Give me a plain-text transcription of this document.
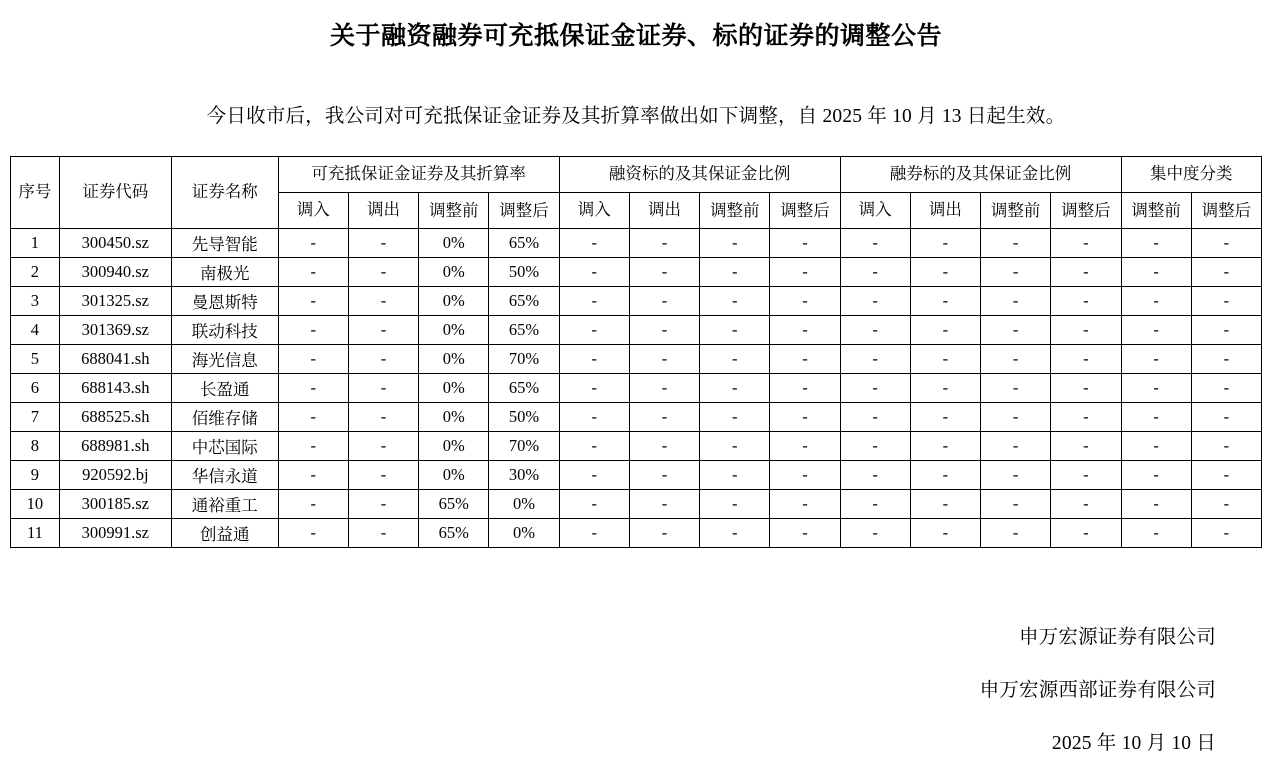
关于融资融券可充抵保证金证券、标的证券的调整公告
今日收市后，我公司对可充抵保证金证券及其折算率做出如下调整，自 2025 年 10 月 13 日起生效。
序号	证券代码	证券名称	可充抵保证金证券及其折算率				融资标的及其保证金比例				融券标的及其保证金比例				集中度分类	
			调入	调出	调整前	调整后	调入	调出	调整前	调整后	调入	调出	调整前	调整后	调整前	调整后
1	300450.sz	先导智能	-	-	0%	65%	-	-	-	-	-	-	-	-	-	-
2	300940.sz	南极光	-	-	0%	50%	-	-	-	-	-	-	-	-	-	-
3	301325.sz	曼恩斯特	-	-	0%	65%	-	-	-	-	-	-	-	-	-	-
4	301369.sz	联动科技	-	-	0%	65%	-	-	-	-	-	-	-	-	-	-
5	688041.sh	海光信息	-	-	0%	70%	-	-	-	-	-	-	-	-	-	-
6	688143.sh	长盈通	-	-	0%	65%	-	-	-	-	-	-	-	-	-	-
7	688525.sh	佰维存储	-	-	0%	50%	-	-	-	-	-	-	-	-	-	-
8	688981.sh	中芯国际	-	-	0%	70%	-	-	-	-	-	-	-	-	-	-
9	920592.bj	华信永道	-	-	0%	30%	-	-	-	-	-	-	-	-	-	-
10	300185.sz	通裕重工	-	-	65%	0%	-	-	-	-	-	-	-	-	-	-
11	300991.sz	创益通	-	-	65%	0%	-	-	-	-	-	-	-	-	-	-
申万宏源证券有限公司
申万宏源西部证券有限公司
2025 年 10 月 10 日
